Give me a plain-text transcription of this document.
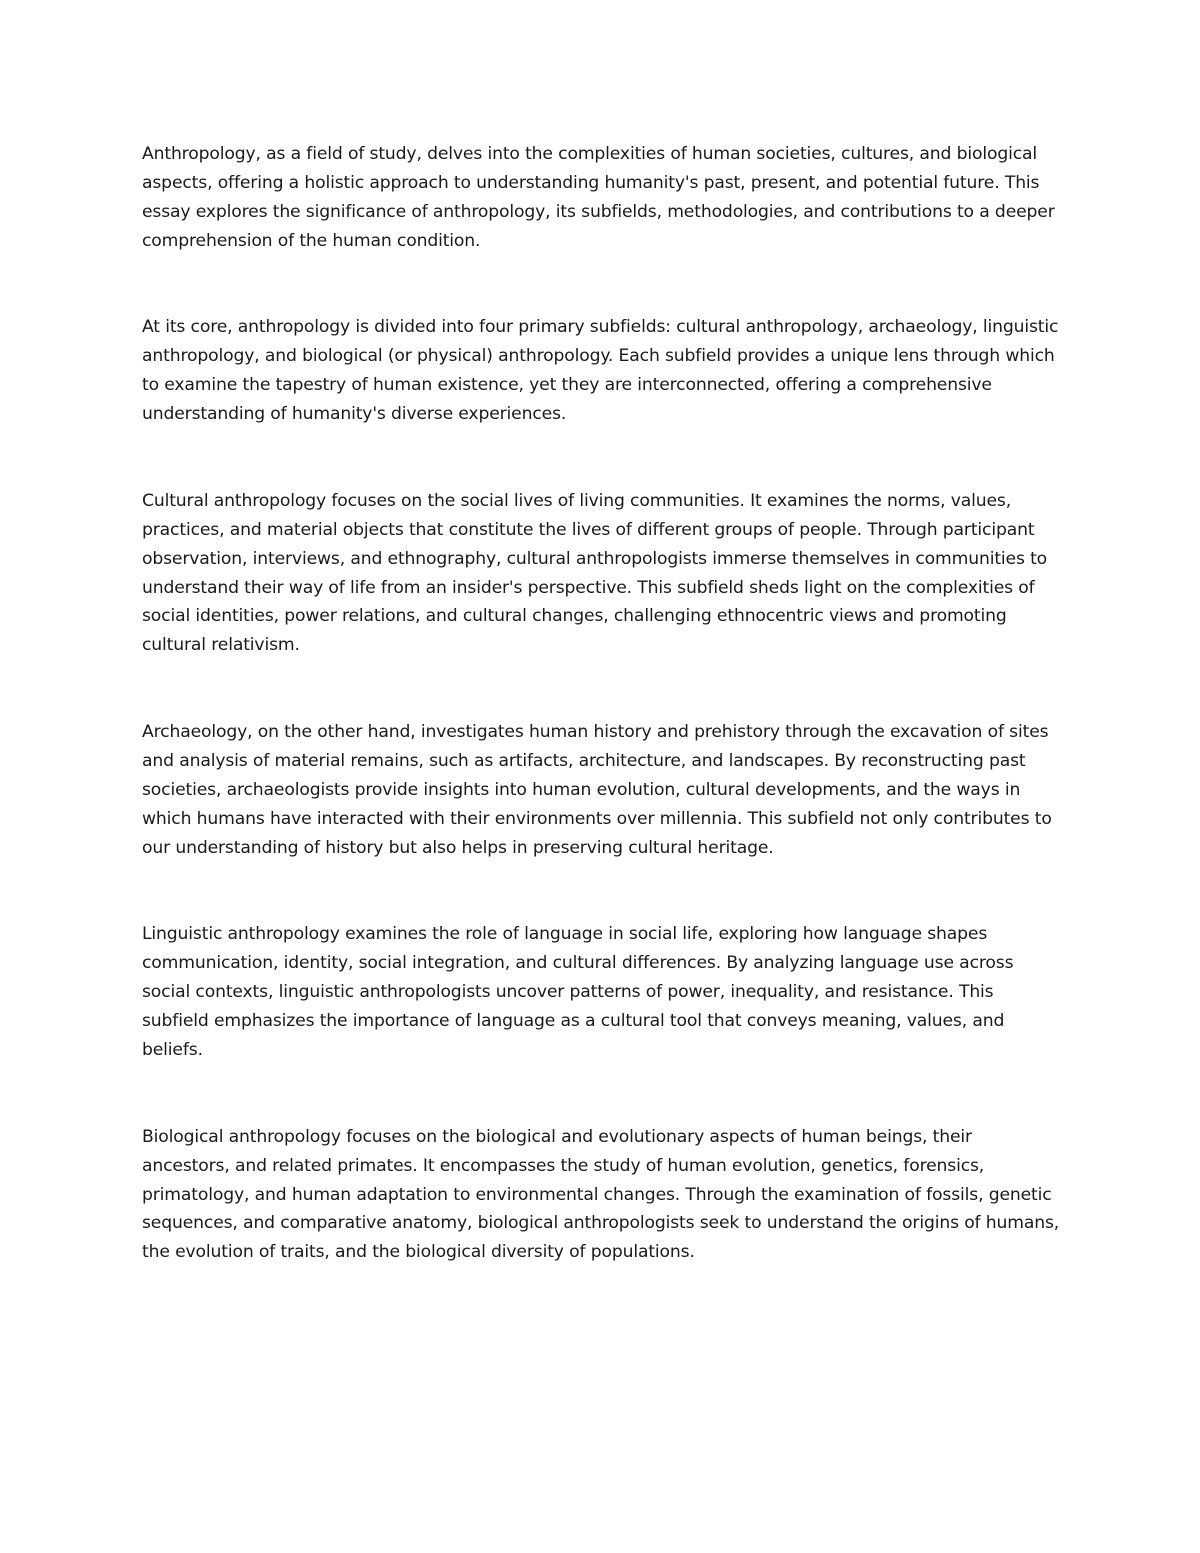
Anthropology, as a field of study, delves into the complexities of human societies, cultures, and biological aspects, offering a holistic approach to understanding humanity's past, present, and potential future. This essay explores the significance of anthropology, its subfields, methodologies, and contributions to a deeper comprehension of the human condition.

At its core, anthropology is divided into four primary subfields: cultural anthropology, archaeology, linguistic anthropology, and biological (or physical) anthropology. Each subfield provides a unique lens through which to examine the tapestry of human existence, yet they are interconnected, offering a comprehensive understanding of humanity's diverse experiences.

Cultural anthropology focuses on the social lives of living communities. It examines the norms, values, practices, and material objects that constitute the lives of different groups of people. Through participant observation, interviews, and ethnography, cultural anthropologists immerse themselves in communities to understand their way of life from an insider's perspective. This subfield sheds light on the complexities of social identities, power relations, and cultural changes, challenging ethnocentric views and promoting cultural relativism.

Archaeology, on the other hand, investigates human history and prehistory through the excavation of sites and analysis of material remains, such as artifacts, architecture, and landscapes. By reconstructing past societies, archaeologists provide insights into human evolution, cultural developments, and the ways in which humans have interacted with their environments over millennia. This subfield not only contributes to our understanding of history but also helps in preserving cultural heritage.

Linguistic anthropology examines the role of language in social life, exploring how language shapes communication, identity, social integration, and cultural differences. By analyzing language use across social contexts, linguistic anthropologists uncover patterns of power, inequality, and resistance. This subfield emphasizes the importance of language as a cultural tool that conveys meaning, values, and beliefs.

Biological anthropology focuses on the biological and evolutionary aspects of human beings, their ancestors, and related primates. It encompasses the study of human evolution, genetics, forensics, primatology, and human adaptation to environmental changes. Through the examination of fossils, genetic sequences, and comparative anatomy, biological anthropologists seek to understand the origins of humans, the evolution of traits, and the biological diversity of populations.
